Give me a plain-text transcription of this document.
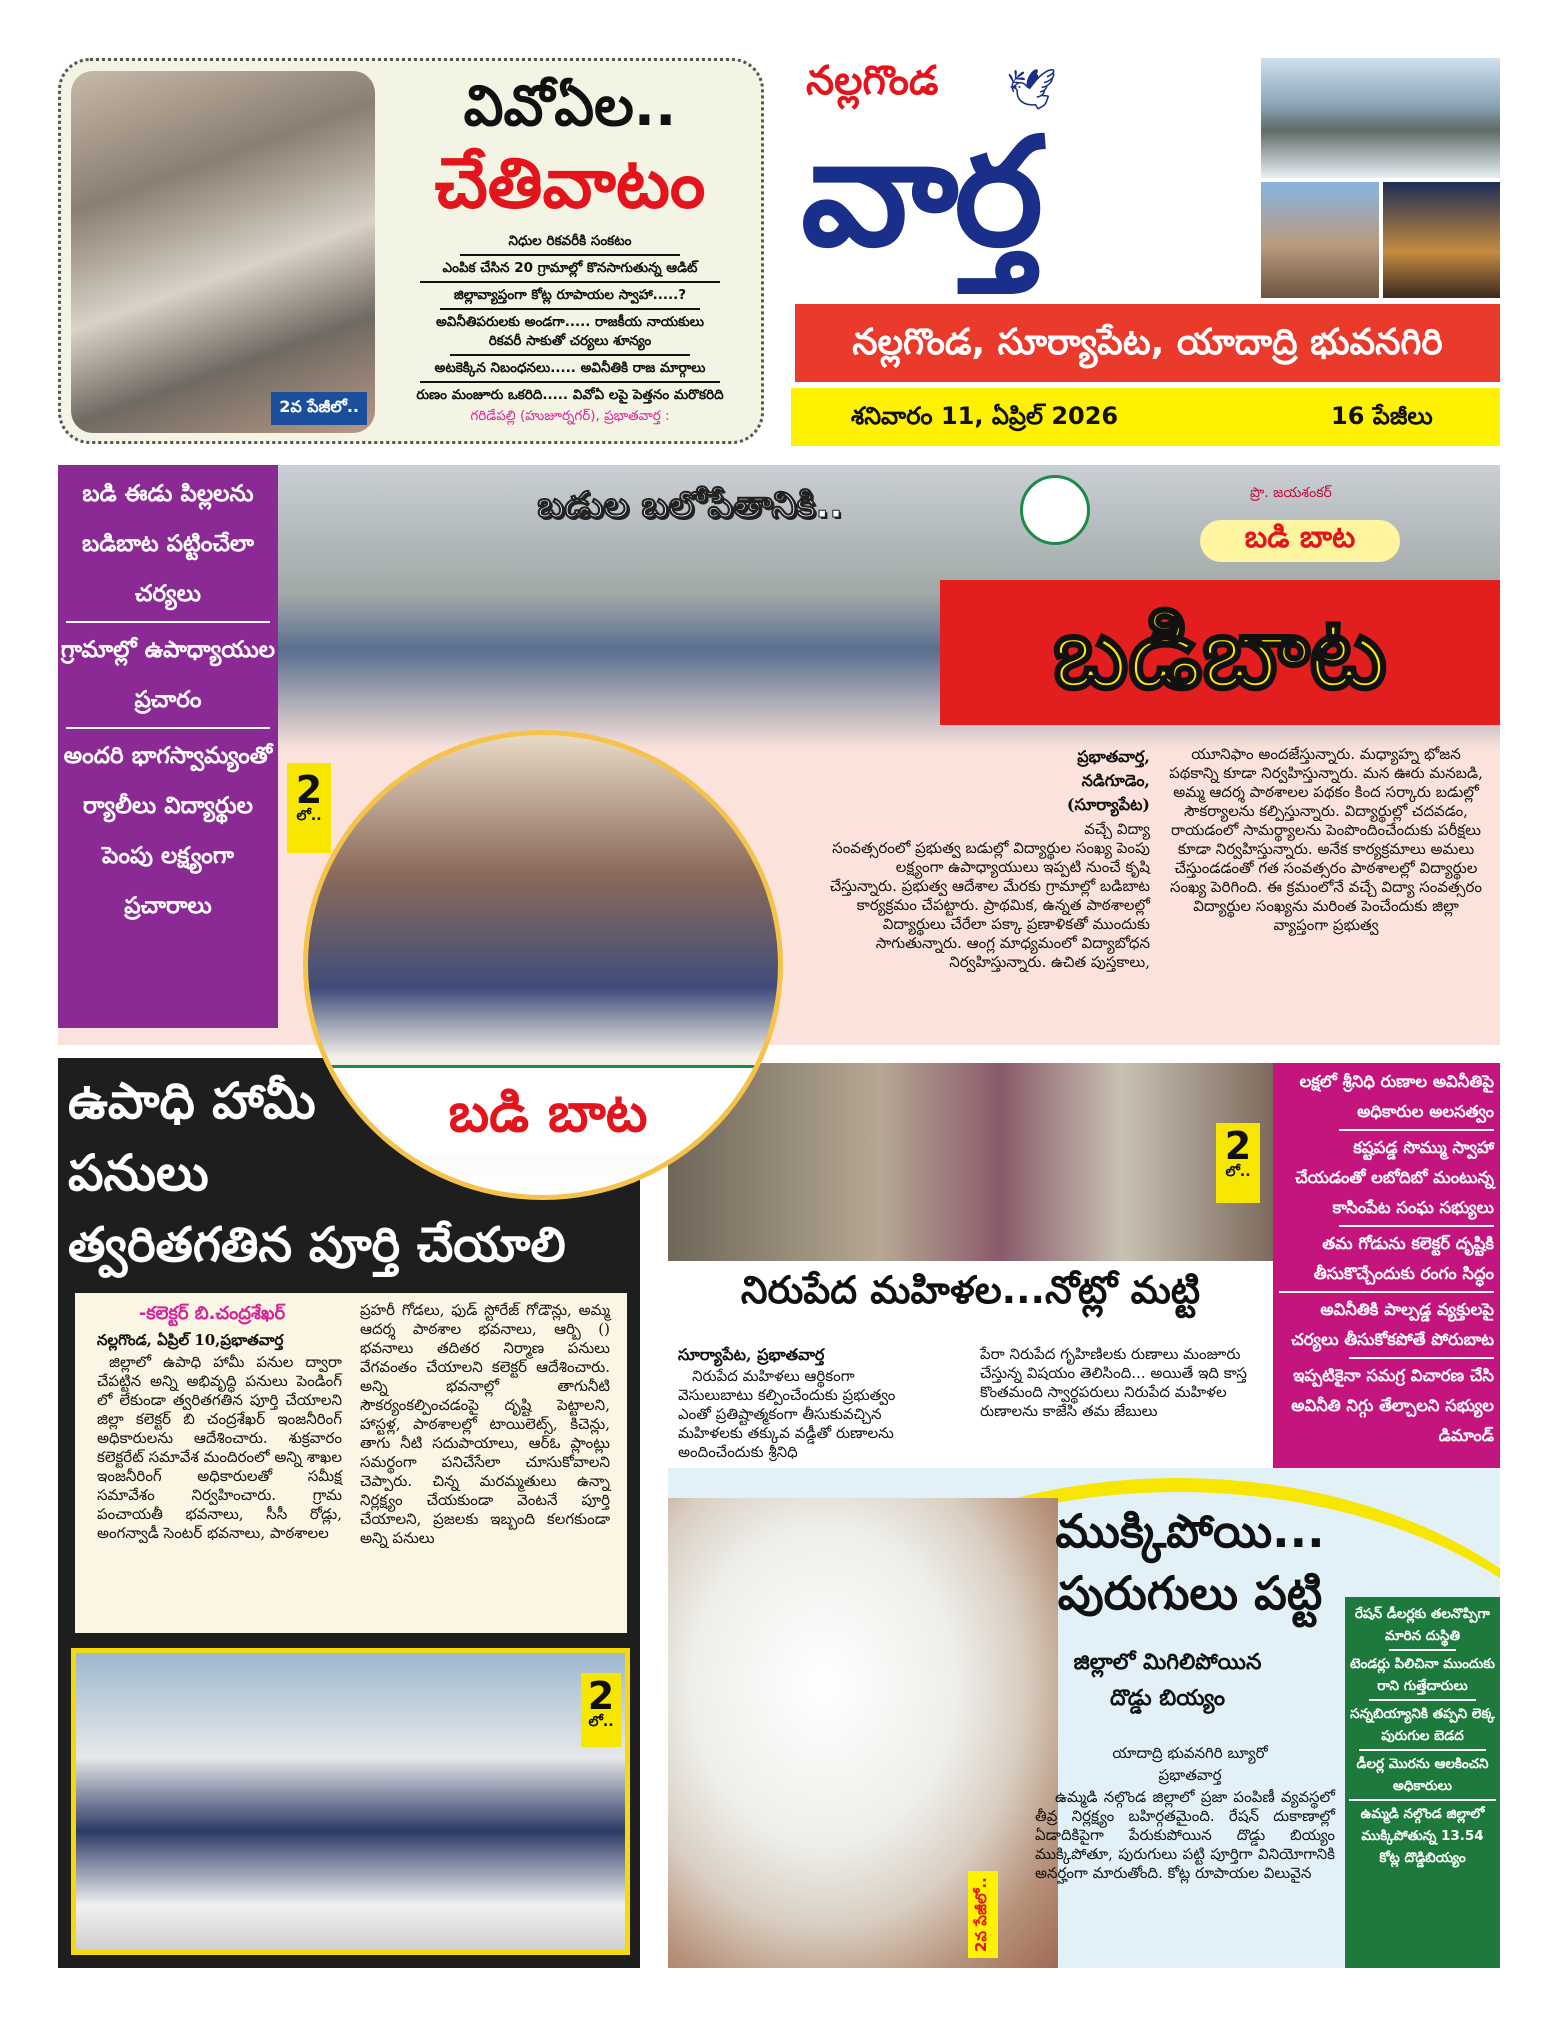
2వ పేజీలో..
వివోఏల..
చేతివాటం
నిధుల రికవరీకి సంకటం
ఎంపిక చేసిన 20 గ్రామాల్లో కొనసాగుతున్న ఆడిట్
జిల్లావ్యాప్తంగా కోట్ల రూపాయల స్వాహా.....?
అవినీతిపరులకు అండగా..... రాజకీయ నాయకులు
రికవరీ సాకుతో చర్యలు శూన్యం
అటకెక్కిన నిబంధనలు..... అవినీతికి రాజ మార్గాలు
రుణం మంజూరు ఒకరిది..... వివోఏ లపై పెత్తనం మరొకరిది
గరిడేపల్లి (హుజూర్నగర్), ప్రభాతవార్త :
నల్లగొండ 🕊
వార్త
నల్లగొండ, సూర్యాపేట, యాదాద్రి భువనగిరి
శనివారం 11, ఏప్రిల్ 2026	16 పేజీలు
బడి ఈడు పిల్లలను బడిబాట పట్టించేలా చర్యలు
గ్రామాల్లో ఉపాధ్యాయుల ప్రచారం
అందరి భాగస్వామ్యంతో ర్యాలీలు విద్యార్థుల పెంపు లక్ష్యంగా ప్రచారాలు
బడుల బలోపేతానికి..	ప్రొ. జయశంకర్
బడి బాట
బడిబాట
2
లో..
బడి బాట
ప్రభాతవార్త, నడిగూడెం, (సూర్యాపేట)
వచ్చే విద్యా సంవత్సరంలో ప్రభుత్వ బడుల్లో విద్యార్థుల సంఖ్య పెంపు లక్ష్యంగా ఉపాధ్యాయులు ఇప్పటి నుంచే కృషి చేస్తున్నారు. ప్రభుత్వ ఆదేశాల మేరకు గ్రామాల్లో బడిబాట కార్యక్రమం చేపట్టారు. ప్రాథమిక, ఉన్నత పాఠశాలల్లో విద్యార్థులు చేరేలా పక్కా ప్రణాళికతో ముందుకు సాగుతున్నారు. ఆంగ్ల మాధ్యమంలో విద్యాబోధన నిర్వహిస్తున్నారు. ఉచిత పుస్తకాలు,
యూనిఫాం అందజేస్తున్నారు. మధ్యాహ్న భోజన పథకాన్ని కూడా నిర్వహిస్తున్నారు. మన ఊరు మనబడి, అమ్మ ఆదర్శ పాఠశాలల పథకం కింద సర్కారు బడుల్లో సౌకర్యాలను కల్పిస్తున్నారు. విద్యార్థుల్లో చదవడం, రాయడంలో సామర్థ్యాలను పెంపొందించేందుకు పరీక్షలు కూడా నిర్వహిస్తున్నారు. అనేక కార్యక్రమాలు అమలు చేస్తుండడంతో గత సంవత్సరం పాఠశాలల్లో విద్యార్థుల సంఖ్య పెరిగింది. ఈ క్రమంలోనే వచ్చే విద్యా సంవత్సరం విద్యార్థుల సంఖ్యను మరింత పెంచేందుకు జిల్లా వ్యాప్తంగా ప్రభుత్వ
ఉపాధి హామీ
పనులు
త్వరితగతిన పూర్తి చేయాలి
-కలెక్టర్ బి.చంద్రశేఖర్
నల్లగొండ, ఏప్రిల్ 10,ప్రభాతవార్త
జిల్లాలో ఉపాధి హామీ పనుల ద్వారా చేపట్టిన అన్ని అభివృద్ధి పనులు పెండింగ్ లో లేకుండా త్వరితగతిన పూర్తి చేయాలని జిల్లా కలెక్టర్ బి చంద్రశేఖర్ ఇంజనీరింగ్ అధికారులను ఆదేశించారు. శుక్రవారం కలెక్టరేట్ సమావేశ మందిరంలో అన్ని శాఖల ఇంజనీరింగ్ అధికారులతో సమీక్ష సమావేశం నిర్వహించారు. గ్రామ పంచాయతీ భవనాలు, సీసీ రోడ్లు, అంగన్వాడీ సెంటర్ భవనాలు, పాఠశాలల
ప్రహరీ గోడలు, ఫుడ్ స్టోరేజ్ గోడౌన్లు, అమ్మ ఆదర్శ పాఠశాల భవనాలు, ఆర్బి () భవనాలు తదితర నిర్మాణ పనులు వేగవంతం చేయాలని కలెక్టర్ ఆదేశించారు. అన్ని భవనాల్లో తాగునీటి సౌకర్యంకల్పించడంపై దృష్టి పెట్టాలని, హాస్టళ్ల, పాఠశాలల్లో టాయిలెట్స్, కిచెన్లు, తాగు నీటి సదుపాయాలు, ఆర్ఓ ప్లాంట్లు సమర్థంగా పనిచేసేలా చూసుకోవాలని చెప్పారు. చిన్న మరమ్మతులు ఉన్నా నిర్లక్ష్యం చేయకుండా వెంటనే పూర్తి చేయాలని, ప్రజలకు ఇబ్బంది కలగకుండా అన్ని పనులు
2
లో..
2
లో..
నిరుపేద మహిళల...నోట్లో మట్టి
సూర్యాపేట, ప్రభాతవార్త
నిరుపేద మహిళలు ఆర్థికంగా వెసులుబాటు కల్పించేందుకు ప్రభుత్వం ఎంతో ప్రతిష్టాత్మకంగా తీసుకువచ్చిన మహిళలకు తక్కువ వడ్డీతో రుణాలను అందించేందుకు శ్రీనిధి
పేరా నిరుపేద గృహిణిలకు రుణాలు మంజూరు చేస్తున్న విషయం తెలిసింది... అయితే ఇది కాస్త కొంతమంది స్వార్థపరులు నిరుపేద మహిళల రుణాలను కాజేసి తమ జేబులు
లక్షలో శ్రీనిధి రుణాల అవినీతిపై అధికారుల అలసత్వం
కష్టపడ్డ సొమ్ము స్వాహా చేయడంతో లబోదిబో మంటున్న కాసింపేట సంఘ సభ్యులు
తమ గోడును కలెక్టర్ దృష్టికి తీసుకొచ్చేందుకు రంగం సిద్ధం
అవినీతికి పాల్పడ్డ వ్యక్తులపై చర్యలు తీసుకోకపోతే పోరుబాట
ఇప్పటికైనా సమగ్ర విచారణ చేసి అవినీతి నిగ్గు తేల్చాలని సభ్యుల డిమాండ్
2వ పేజీలో..
ముక్కిపోయి...
పురుగులు పట్టి
జిల్లాలో మిగిలిపోయిన దొడ్డు బియ్యం
యాదాద్రి భువనగిరి బ్యూరో
ప్రభాతవార్త
ఉమ్మడి నల్గొండ జిల్లాలో ప్రజా పంపిణీ వ్యవస్థలో తీవ్ర నిర్లక్ష్యం బహిర్గతమైంది. రేషన్ దుకాణాల్లో ఏడాదికిపైగా పేరుకుపోయిన దొడ్డు బియ్యం ముక్కిపోతూ, పురుగులు పట్టి పూర్తిగా వినియోగానికి అనర్హంగా మారుతోంది. కోట్ల రూపాయల విలువైన
రేషన్ డీలర్లకు తలనొప్పిగా మారిన దుస్థితి
టెండర్లు పిలిచినా ముందుకు రాని గుత్తేదారులు
సన్నబియ్యానికి తప్పని లెక్క పురుగుల బెడద
డీలర్ల మొరను ఆలకించని అధికారులు
ఉమ్మడి నల్గొండ జిల్లాలో ముక్కిపోతున్న 13.54 కోట్ల దొడ్డిబియ్యం
